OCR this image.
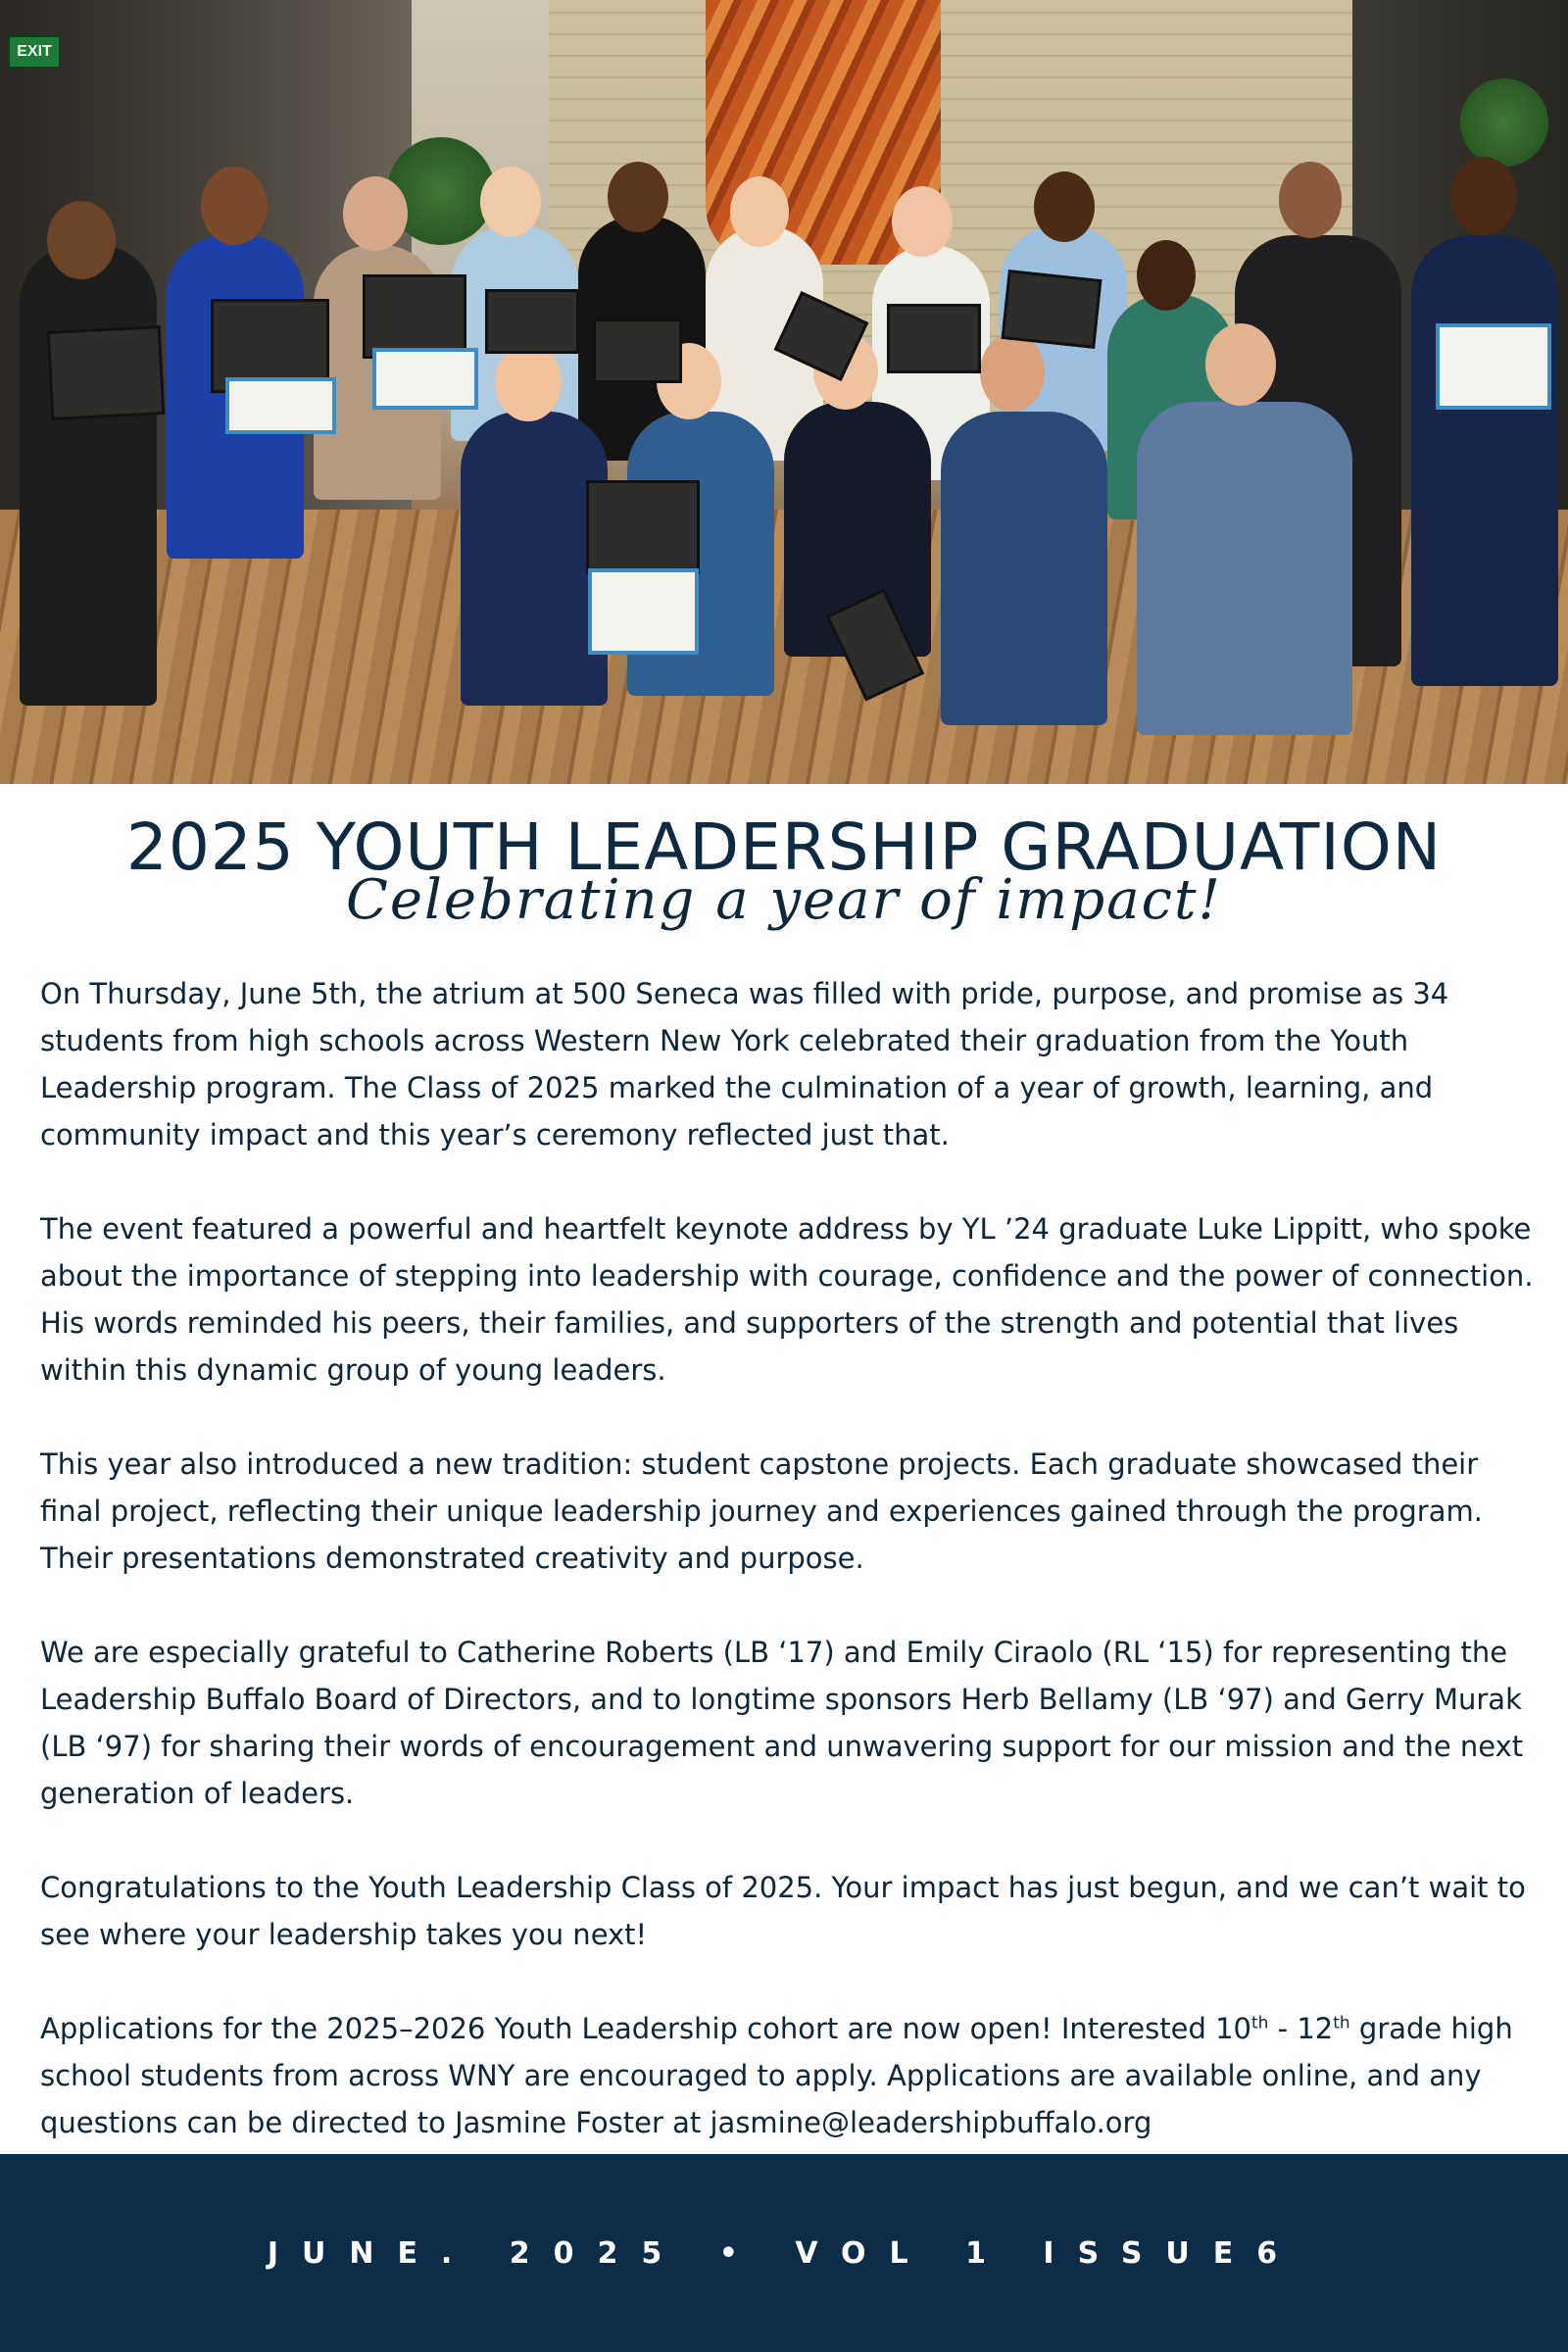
EXIT
2025 YOUTH LEADERSHIP GRADUATION
Celebrating a year of impact!

On Thursday, June 5th, the atrium at 500 Seneca was filled with pride, purpose, and promise as 34 students from high schools across Western New York celebrated their graduation from the Youth Leadership program. The Class of 2025 marked the culmination of a year of growth, learning, and community impact and this year’s ceremony reflected just that.

The event featured a powerful and heartfelt keynote address by YL ’24 graduate Luke Lippitt, who spoke about the importance of stepping into leadership with courage, confidence and the power of connection. His words reminded his peers, their families, and supporters of the strength and potential that lives within this dynamic group of young leaders.

This year also introduced a new tradition: student capstone projects. Each graduate showcased their final project, reflecting their unique leadership journey and experiences gained through the program. Their presentations demonstrated creativity and purpose.

We are especially grateful to Catherine Roberts (LB ‘17) and Emily Ciraolo (RL ‘15) for representing the Leadership Buffalo Board of Directors, and to longtime sponsors Herb Bellamy (LB ‘97) and Gerry Murak (LB ‘97) for sharing their words of encouragement and unwavering support for our mission and the next generation of leaders.

Congratulations to the Youth Leadership Class of 2025. Your impact has just begun, and we can’t wait to see where your leadership takes you next!

Applications for the 2025–2026 Youth Leadership cohort are now open! Interested 10th - 12th grade high school students from across WNY are encouraged to apply. Applications are available online, and any questions can be directed to Jasmine Foster at jasmine@leadershipbuffalo.org

JUNE. 2025 • VOL 1 ISSUE6
